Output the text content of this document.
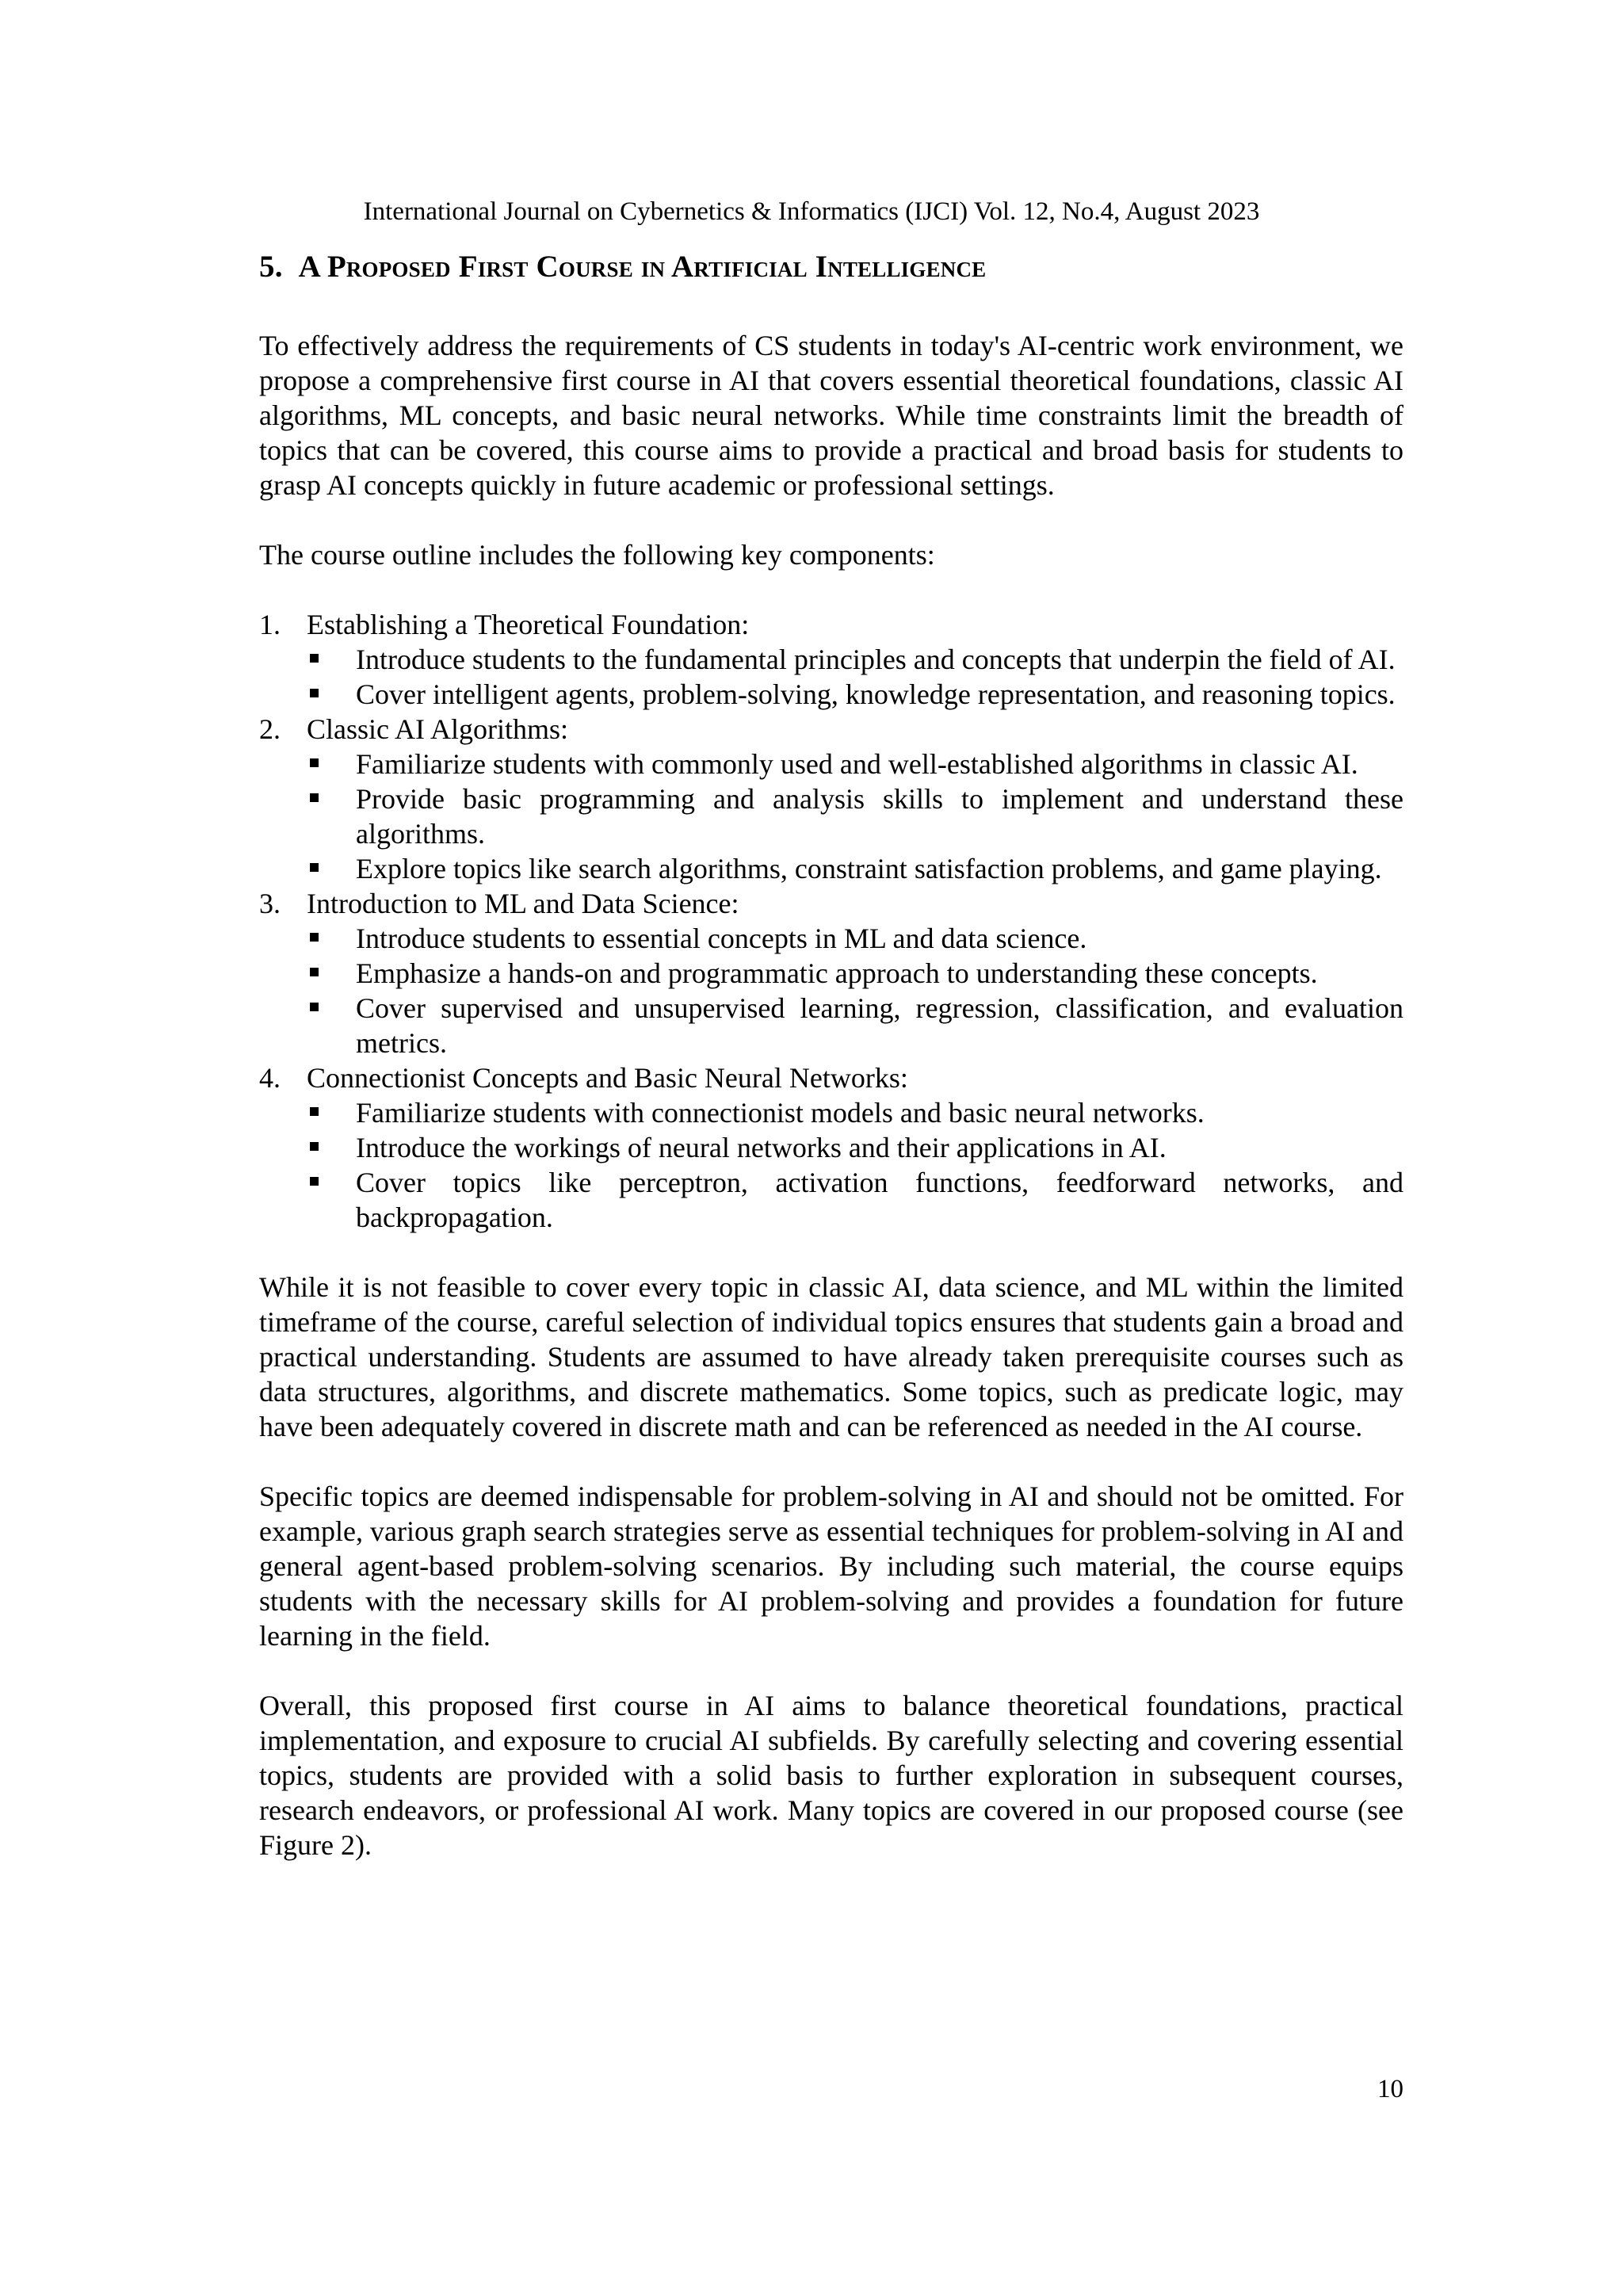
International Journal on Cybernetics & Informatics (IJCI) Vol. 12, No.4, August 2023
5. A Proposed First Course in Artificial Intelligence

To effectively address the requirements of CS students in today's AI-centric work environment, we propose a comprehensive first course in AI that covers essential theoretical foundations, classic AI algorithms, ML concepts, and basic neural networks. While time constraints limit the breadth of topics that can be covered, this course aims to provide a practical and broad basis for students to grasp AI concepts quickly in future academic or professional settings.

The course outline includes the following key components:

1. Establishing a Theoretical Foundation:
Introduce students to the fundamental principles and concepts that underpin the field of AI.
Cover intelligent agents, problem-solving, knowledge representation, and reasoning topics.
2. Classic AI Algorithms:
Familiarize students with commonly used and well-established algorithms in classic AI.
Provide basic programming and analysis skills to implement and understand these algorithms.
Explore topics like search algorithms, constraint satisfaction problems, and game playing.
3. Introduction to ML and Data Science:
Introduce students to essential concepts in ML and data science.
Emphasize a hands-on and programmatic approach to understanding these concepts.
Cover supervised and unsupervised learning, regression, classification, and evaluation metrics.
4. Connectionist Concepts and Basic Neural Networks:
Familiarize students with connectionist models and basic neural networks.
Introduce the workings of neural networks and their applications in AI.
Cover topics like perceptron, activation functions, feedforward networks, and backpropagation.

While it is not feasible to cover every topic in classic AI, data science, and ML within the limited timeframe of the course, careful selection of individual topics ensures that students gain a broad and practical understanding. Students are assumed to have already taken prerequisite courses such as data structures, algorithms, and discrete mathematics. Some topics, such as predicate logic, may have been adequately covered in discrete math and can be referenced as needed in the AI course.

Specific topics are deemed indispensable for problem-solving in AI and should not be omitted. For example, various graph search strategies serve as essential techniques for problem-solving in AI and general agent-based problem-solving scenarios. By including such material, the course equips students with the necessary skills for AI problem-solving and provides a foundation for future learning in the field.

Overall, this proposed first course in AI aims to balance theoretical foundations, practical implementation, and exposure to crucial AI subfields. By carefully selecting and covering essential topics, students are provided with a solid basis to further exploration in subsequent courses, research endeavors, or professional AI work. Many topics are covered in our proposed course (see Figure 2).

10
